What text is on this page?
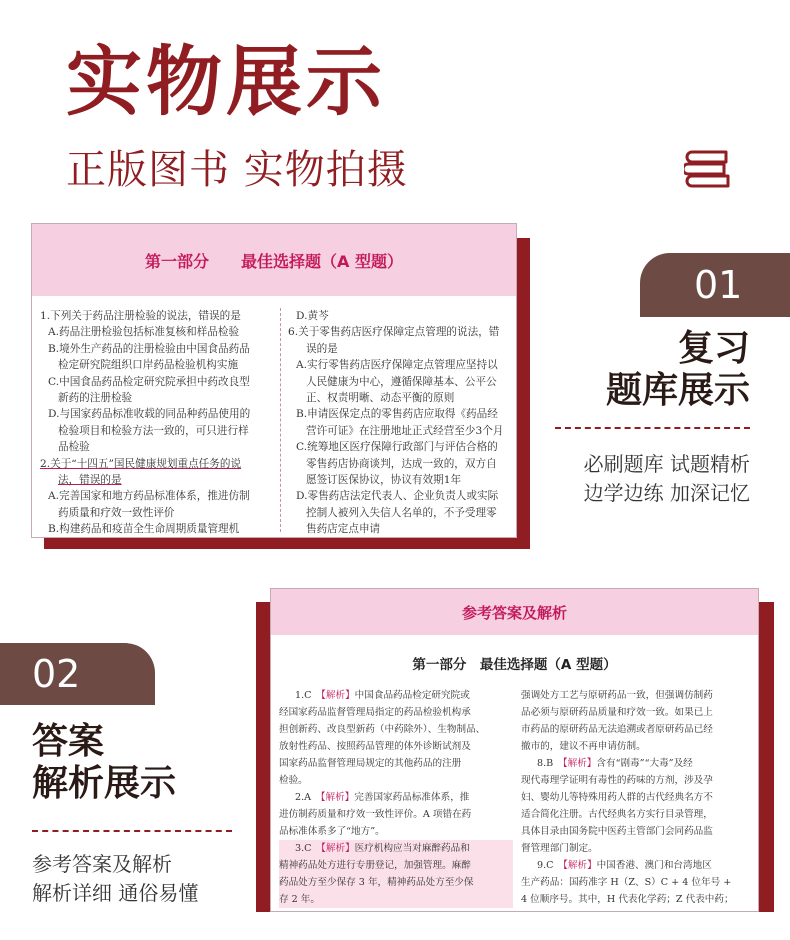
实物展示
正版图书 实物拍摄
第一部分　　最佳选择题（A 型题）
1.下列关于药品注册检验的说法，错误的是
A.药品注册检验包括标准复核和样品检验
B.境外生产药品的注册检验由中国食品药品
检定研究院组织口岸药品检验机构实施
C.中国食品药品检定研究院承担中药改良型
新药的注册检验
D.与国家药品标准收载的同品种药品使用的
检验项目和检验方法一致的，可只进行样
品检验
2.关于“十四五”国民健康规划重点任务的说
法，错误的是
A.完善国家和地方药品标准体系，推进仿制
药质量和疗效一致性评价
B.构建药品和疫苗全生命周期质量管理机
D.黄芩
6.关于零售药店医疗保障定点管理的说法，错
误的是
A.实行零售药店医疗保障定点管理应坚持以
人民健康为中心，遵循保障基本、公平公
正、权责明晰、动态平衡的原则
B.申请医保定点的零售药店应取得《药品经
营许可证》在注册地址正式经营至少3个月
C.统筹地区医疗保障行政部门与评估合格的
零售药店协商谈判，达成一致的，双方自
愿签订医保协议，协议有效期1年
D.零售药店法定代表人、企业负责人或实际
控制人被列入失信人名单的，不予受理零
售药店定点申请
01
复习
题库展示
必刷题库 试题精析
边学边练 加深记忆
02
答案
解析展示
参考答案及解析
解析详细 通俗易懂
参考答案及解析
第一部分　最佳选择题（A 型题）
1.C　【解析】中国食品药品检定研究院或
经国家药品监督管理局指定的药品检验机构承
担创新药、改良型新药（中药除外）、生物制品、
放射性药品、按照药品管理的体外诊断试剂及
国家药品监督管理局规定的其他药品的注册
检验。
2.A　【解析】完善国家药品标准体系，推
进仿制药质量和疗效一致性评价。A 项错在药
品标准体系多了“地方”。
3.C　【解析】医疗机构应当对麻醉药品和
精神药品处方进行专册登记，加强管理。麻醉
药品处方至少保存 3 年，精神药品处方至少保
存 2 年。
强调处方工艺与原研药品一致，但强调仿制药
品必须与原研药品质量和疗效一致。如果已上
市药品的原研药品无法追溯或者原研药品已经
撤市的，建议不再申请仿制。
8.B　【解析】含有“剧毒”“大毒”及经
现代毒理学证明有毒性的药味的方剂，涉及孕
妇、婴幼儿等特殊用药人群的古代经典名方不
适合简化注册。古代经典名方实行目录管理，
具体目录由国务院中医药主管部门会同药品监
督管理部门制定。
9.C　【解析】中国香港、澳门和台湾地区
生产药品：国药准字 H（Z、S）C + 4 位年号 +
4 位顺序号。其中，H 代表化学药；Z 代表中药；
